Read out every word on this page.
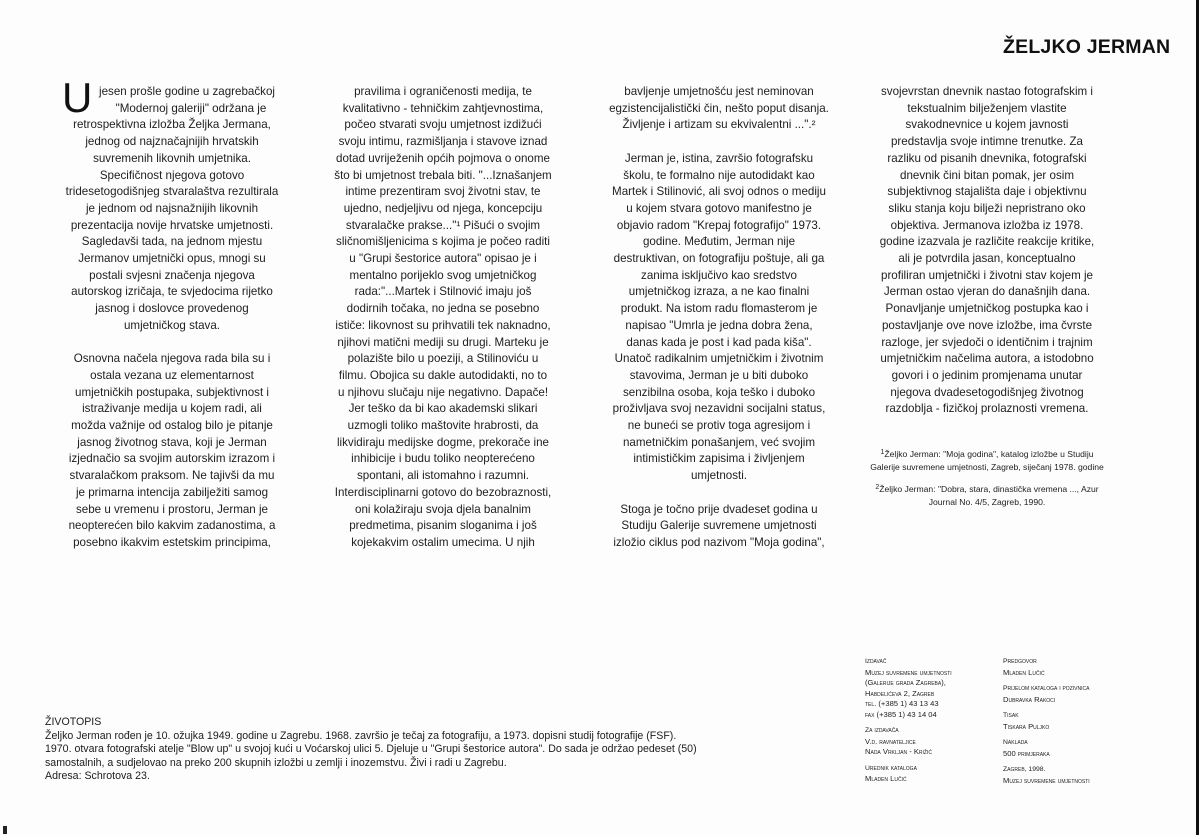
ŽELJKO JERMAN
U jesen prošle godine u zagrebačkoj
"Modernoj galeriji" održana je
retrospektivna izložba Željka Jermana,
jednog od najznačajnijih hrvatskih
suvremenih likovnih umjetnika.
Specifičnost njegova gotovo
tridesetogodišnjeg stvaralaštva rezultirala
je jednom od najsnažnijih likovnih
prezentacija novije hrvatske umjetnosti.
Sagledavši tada, na jednom mjestu
Jermanov umjetnički opus, mnogi su
postali svjesni značenja njegova
autorskog izričaja, te svjedocima rijetko
jasnog i doslovce provedenog
umjetničkog stava.

Osnovna načela njegova rada bila su i
ostala vezana uz elementarnost
umjetničkih postupaka, subjektivnost i
istraživanje medija u kojem radi, ali
možda važnije od ostalog bilo je pitanje
jasnog životnog stava, koji je Jerman
izjednačio sa svojim autorskim izrazom i
stvaralačkom praksom. Ne tajivši da mu
je primarna intencija zabilježiti samog
sebe u vremenu i prostoru, Jerman je
neopterećen bilo kakvim zadanostima, a
posebno ikakvim estetskim principima,

pravilima i ograničenosti medija, te
kvalitativno - tehničkim zahtjevnostima,
počeo stvarati svoju umjetnost izdižući
svoju intimu, razmišljanja i stavove iznad
dotad uvriježenih općih pojmova o onome
što bi umjetnost trebala biti. "...Iznašanjem
intime prezentiram svoj životni stav, te
ujedno, nedjeljivu od njega, koncepciju
stvaralačke prakse..."¹ Pišući o svojim
sličnomišljenicima s kojima je počeo raditi
u "Grupi šestorice autora" opisao je i
mentalno porijeklo svog umjetničkog
rada:"...Martek i Stilnović imaju još
dodirnih točaka, no jedna se posebno
ističe: likovnost su prihvatili tek naknadno,
njihovi matični mediji su drugi. Marteku je
polazište bilo u poeziji, a Stilinoviću u
filmu. Obojica su dakle autodidakti, no to
u njihovu slučaju nije negativno. Dapače!
Jer teško da bi kao akademski slikari
uzmogli toliko maštovite hrabrosti, da
likvidiraju medijske dogme, prekorače ine
inhibicije i budu toliko neopterećeno
spontani, ali istomahno i razumni.
Interdisciplinarni gotovo do bezobraznosti,
oni kolažiraju svoja djela banalnim
predmetima, pisanim sloganima i još
kojekakvim ostalim umecima. U njih

bavljenje umjetnošću jest neminovan
egzistencijalistički čin, nešto poput disanja.
Življenje i artizam su ekvivalentni ...".²

Jerman je, istina, završio fotografsku
školu, te formalno nije autodidakt kao
Martek i Stilinović, ali svoj odnos o mediju
u kojem stvara gotovo manifestno je
objavio radom "Krepaj fotografijo" 1973.
godine. Međutim, Jerman nije
destruktivan, on fotografiju poštuje, ali ga
zanima isključivo kao sredstvo
umjetničkog izraza, a ne kao finalni
produkt. Na istom radu flomasterom je
napisao "Umrla je jedna dobra žena,
danas kada je post i kad pada kiša".
Unatoč radikalnim umjetničkim i životnim
stavovima, Jerman je u biti duboko
senzibilna osoba, koja teško i duboko
proživljava svoj nezavidni socijalni status,
ne buneći se protiv toga agresijom i
nametničkim ponašanjem, već svojim
intimističkim zapisima i življenjem
umjetnosti.

Stoga je točno prije dvadeset godina u
Studiju Galerije suvremene umjetnosti
izložio ciklus pod nazivom "Moja godina",

svojevrstan dnevnik nastao fotografskim i
tekstualnim bilježenjem vlastite
svakodnevnice u kojem javnosti
predstavlja svoje intimne trenutke. Za
razliku od pisanih dnevnika, fotografski
dnevnik čini bitan pomak, jer osim
subjektivnog stajališta daje i objektivnu
sliku stanja koju bilježi nepristrano oko
objektiva. Jermanova izložba iz 1978.
godine izazvala je različite reakcije kritike,
ali je potvrdila jasan, konceptualno
profiliran umjetnički i životni stav kojem je
Jerman ostao vjeran do današnjih dana.
Ponavljanje umjetničkog postupka kao i
postavljanje ove nove izložbe, ima čvrste
razloge, jer svjedoči o identičnim i trajnim
umjetničkim načelima autora, a istodobno
govori i o jedinim promjenama unutar
njegova dvadesetogodišnjeg životnog
razdoblja - fizičkoj prolaznosti vremena.

$^1$Željko Jerman: "Moja godina", katalog izložbe u Studiju
Galerije suvremene umjetnosti, Zagreb, siječanj 1978. godine

$^2$Željko Jerman: "Dobra, stara, dinastička vremena ..., Azur
Journal No. 4/5, Zagreb, 1990.

ŽIVOTOPIS
Željko Jerman rođen je 10. ožujka 1949. godine u Zagrebu. 1968. završio je tečaj za fotografiju, a 1973. dopisni studij fotografije (FSF).
1970. otvara fotografski atelje "Blow up" u svojoj kući u Voćarskoj ulici 5. Djeluje u "Grupi šestorice autora". Do sada je održao pedeset (50)
samostalnih, a sudjelovao na preko 200 skupnih izložbi u zemlji i inozemstvu. Živi i radi u Zagrebu.
Adresa: Schrotova 23.
Izdavač
Muzej suvremene umjetnosti
(Galerije grada Zagreba),
Habdelićeva 2, Zagreb
tel. (+385 1) 43 13 43
fax (+385 1) 43 14 04
Za izdavača
V.d. ravnateljice
Nada Vrkljan - Križić
Urednik kataloga
Mladen Lučić
Predgovor
Mladen Lučić
Prijelom kataloga i pozivnica
Dubravka Rakoci
Tisak
Tiskara Puljko
Naklada
500 primjeraka
Zagreb, 1998.
Muzej suvremene umjetnosti
